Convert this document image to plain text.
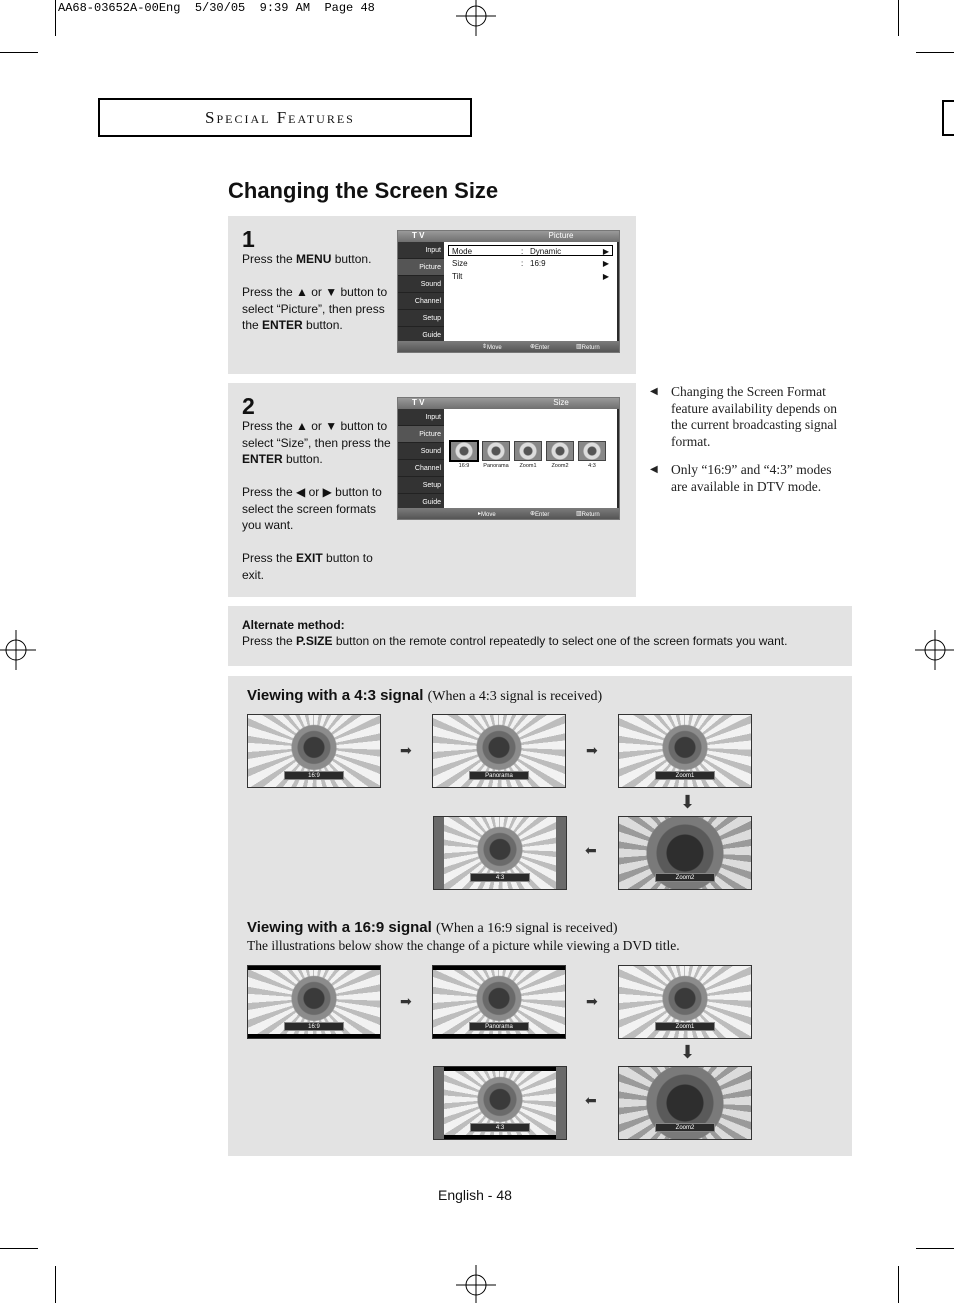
AA68-03652A-00Eng  5/30/05  9:39 AM  Page 48
Special Features
Changing the Screen Size
1

Press the MENU button.

Press the ▲ or ▼ button to select “Picture”, then press the ENTER button.

T V	Picture
Input
Picture
Sound
Channel
Setup
Guide
Mode	: Dynamic	▶
Size	: 16:9	▶
Tilt	▶
⇕ Move	⊕ Enter	▥ Return
2

Press the ▲ or ▼ button to select “Size”, then press the ENTER button.

Press the ◀ or ▶ button to select the screen formats you want.

Press the EXIT button to exit.

T V	Size
Input
Picture
Sound
Channel
Setup
Guide
16:9	Panorama	Zoom1	Zoom2	4:3
▸ Move	⊕ Enter	▥ Return
◀ Changing the Screen Format feature availability depends on the current broadcasting signal format.
◀ Only “16:9” and “4:3” modes are available in DTV mode.
Alternate method:
Press the P.SIZE button on the remote control repeatedly to select one of the screen formats you want.
Viewing with a 4:3 signal (When a 4:3 signal is received)
16:9
➡
Panorama
➡
Zoom1
⬇
Zoom2
⬅
4:3
Viewing with a 16:9 signal (When a 16:9 signal is received)
The illustrations below show the change of a picture while viewing a DVD title.
16:9
➡
Panorama
➡
Zoom1
⬇
Zoom2
⬅
4:3
English - 48
